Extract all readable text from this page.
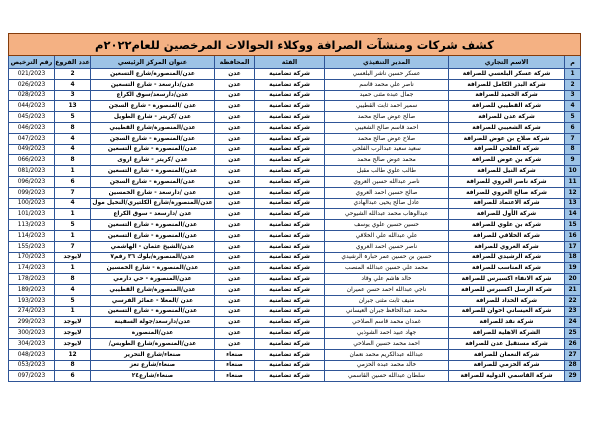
كشف شركات ومنشآت الصرافة ووكلاء الحوالات المرخصين للعام٢٠٢٢م							
م	الاسم التجاري	المدير التنفيذي	الفئة	المحافظة	عنوان المركز الرئيسي	عدد الفروع	رقم الترخيص
1	شركة عسكر البلعسي للصرافة	عسكر حسين ناشر البلعسي	شركة تضامنية	عدن	عدن/المنصورة/شارع التسعين	2	021/2023
2	شركة البدر الكامل للصرافة	ناصر علي محمد قاسم	شركة تضامنية	عدن	عدن/دارسعد - شارع التسعين	4	026/2023
3	شركة الحميد للصرافة	جمال عبده مثنى حميد	شركة تضامنية	عدن	عدن/دارسعد/سوق الكراع	3	028/2023
4	شركة القطيبي للصرافة	سمير احمد ثابت القطيبي	شركة تضامنية	عدن	عدن /المنصورة - شارع السجن	13	044/2023
5	شركة عدن للصرافة	صالح عوض صالح محمد	شركة تضامنية	عدن	عدن /كريتر - شارع الطويل	5	045/2023
6	شركة الشعيبي للصرافة	احمد قاسم صالح الشعيبي	شركة تضامنية	عدن	عدن/المنصورة/شارع القطيبي	8	046/2023
7	شركة صلاح بن عوض للصرافة	صلاح عوض صالح محمد	شركة تضامنية	عدن	عدن/المنصورة - شارع السجن	4	047/2023
8	شركة الفلحي للصرافة	سعيد سعيد عبدالرب الفلحي	شركة تضامنية	عدن	عدن/المنصورة - شارع التسعين	4	049/2023
9	شركة بن عوض للصرافة	محمد عوض صالح محمد	شركة تضامنية	عدن	عدن /كريتر - شارع اروى	8	066/2023
10	شركة النيل للصرافة	طالب علوي طالب مقبل	شركة تضامنية	عدن	عدن/المنصورة - شارع التسعين	1	081/2023
11	شركة ناصر العروي للصرافة	ناصر عبدالله حسين العروي	شركة تضامنية	عدن	عدن/المنصورة - شارع السجن	6	096/2023
12	شركة صالح العروي للصرافة	صالح حسين احمد العروي	شركة تضامنية	عدن	عدن /دارسعد - شارع الخمسين	7	099/2023
13	شركة الاعتماد للصرافة	عادل صالح يحيى عبدالهادي	شركة تضامنية	عدن	عدن/المنصورة/شارع الكلتيري/النخيل مول	4	100/2023
14	شركة الأول للصرافة	عبدالوهاب محمد عبدالله الشيوحي	شركة تضامنية	عدن	عدن /دارسعد - سوق الكراع	1	101/2023
15	شركة بن علوي للصرافة	حسين حسين علوي يوسف	شركة تضامنية	عدن	عدن/المنصورة - شارع التسعين	5	113/2023
16	شركة الخلاقي للصرافة	علي عبدالله علي الخلاقي	شركة تضامنية	عدن	عدن/المنصورة - شارع التسعين	1	114/2023
17	شركة العروي للصرافة	ناصر حسين احمد العروي	شركة تضامنية	عدن	عدن/الشيخ عثمان - الهاشمي	7	155/2023
18	شركة الرشيدي للصرافة	حسين بن حسين عمر حبارة الرشيدي	شركة تضامنية	عدن	عدن/المنصورة/بلوك ٣٦ رقم٧	لايوجد	170/2023
19	شركة المناسب للصرافة	محمد علي حسين عبدالله المنصب	شركة تضامنية	عدن	عدن/المنصورة - شارع الخمسين	1	174/2023
20	شركة الانفاء اكسبرس للصرافة	خالد هاشم علي وقاد	شركة تضامنية	عدن	عدن/المنصورة - حي دارمي	8	178/2023
21	شركة الرسل اكسبرس للصرافة	ناجي عبدالله احمد حسن عميران	شركة تضامنية	عدن	عدن/المنصورة/شارع القطيبي	4	189/2023
22	شركة الحداد للصرافة	منيف ثابت مثنى جبران	شركة تضامنية	عدن	عدن /المعلا - عمائر الفرسي	5	193/2023
23	شركة العيساني اخوان للصرافة	محمد عبدالحافظ جبران العيساني	شركة تضامنية	عدن	عدن/المنصورة - شارع التسعين	1	274/2023
24	شركة نقد للصرافة	غمدان محمد قاسم الصلاحي	شركة تضامنية	عدن	عدن/دارسعد/جولة السفينة	لايوجد	299/2023
25	الشركة الاهلية للصرافة	جهاد عبيد احمد الشوذبي	شركة تضامنية	عدن	عدن/المنصورة	لايوجد	300/2023
26	شركة مستقبل عدن للصرافة	احمد محمد حسين الصلاحي	شركة تضامنية	عدن	عدن/المنصورة/شارع الطويس/	لايوجد	304/2023
27	شركة النعمان للصرافة	عبدالله عبدالكريم محمد نعمان	شركة تضامنية	صنعاء	صنعاء/شارع التحرير	12	048/2023
28	شركة الحزمي للصرافة	خالد محمد عبده الحزمي	شركة تضامنية	صنعاء	صنعاء/شارع تعز	8	053/2023
29	شركة القاسمي الدولية للصرافة	سلطان عبدالله حسين القاسمي	شركة تضامنية	صنعاء	صنعاء/شارع٢٤	6	097/2023
